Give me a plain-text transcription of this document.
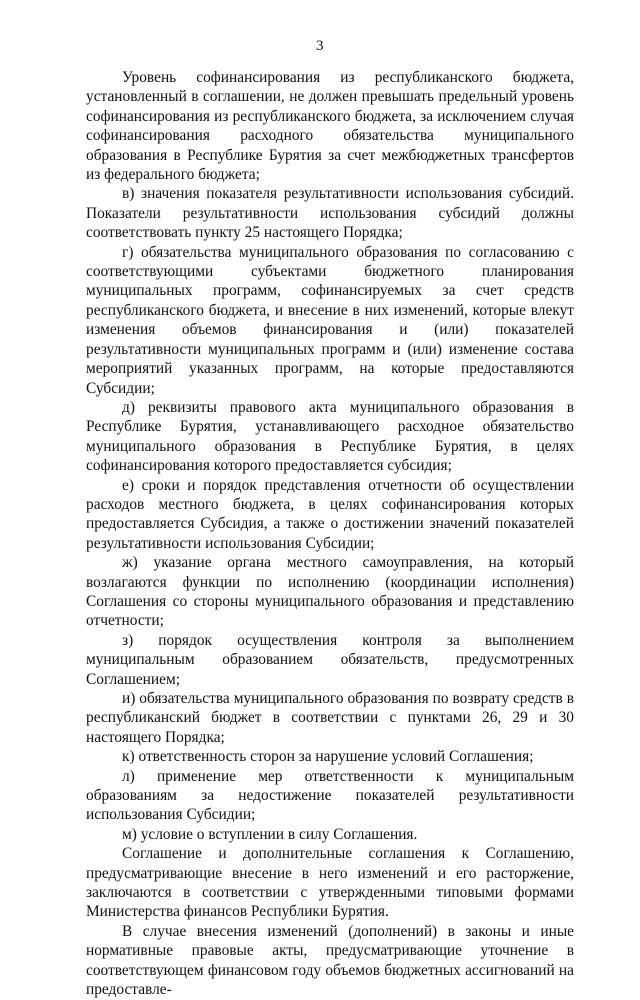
3

Уровень софинансирования из республиканского бюджета, установленный в соглашении, не должен превышать предельный уровень софинансирования из республиканского бюджета, за исключением случая софинансирования расходного обязательства муниципального образования в Республике Бурятия за счет межбюджетных трансфертов из федерального бюджета;

в) значения показателя результативности использования субсидий. Показатели результативности использования субсидий должны соответствовать пункту 25 настоящего Порядка;

г) обязательства муниципального образования по согласованию с соответствующими субъектами бюджетного планирования муниципальных программ, софинансируемых за счет средств республиканского бюджета, и внесение в них изменений, которые влекут изменения объемов финансирования и (или) показателей результативности муниципальных программ и (или) изменение состава мероприятий указанных программ, на которые предоставляются Субсидии;

д) реквизиты правового акта муниципального образования в Республике Бурятия, устанавливающего расходное обязательство муниципального образования в Республике Бурятия, в целях софинансирования которого предоставляется субсидия;

е) сроки и порядок представления отчетности об осуществлении расходов местного бюджета, в целях софинансирования которых предоставляется Субсидия, а также о достижении значений показателей результативности использования Субсидии;

ж) указание органа местного самоуправления, на который возлагаются функции по исполнению (координации исполнения) Соглашения со стороны муниципального образования и представлению отчетности;

з) порядок осуществления контроля за выполнением муниципальным образованием обязательств, предусмотренных Соглашением;

и) обязательства муниципального образования по возврату средств в республиканский бюджет в соответствии с пунктами 26, 29 и 30 настоящего Порядка;

к) ответственность сторон за нарушение условий Соглашения;

л) применение мер ответственности к муниципальным образованиям за недостижение показателей результативности использования Субсидии;

м) условие о вступлении в силу Соглашения.

Соглашение и дополнительные соглашения к Соглашению, предусматривающие внесение в него изменений и его расторжение, заключаются в соответствии с утвержденными типовыми формами Министерства финансов Республики Бурятия.

В случае внесения изменений (дополнений) в законы и иные нормативные правовые акты, предусматривающие уточнение в соответствующем финансовом году объемов бюджетных ассигнований на предоставле-
